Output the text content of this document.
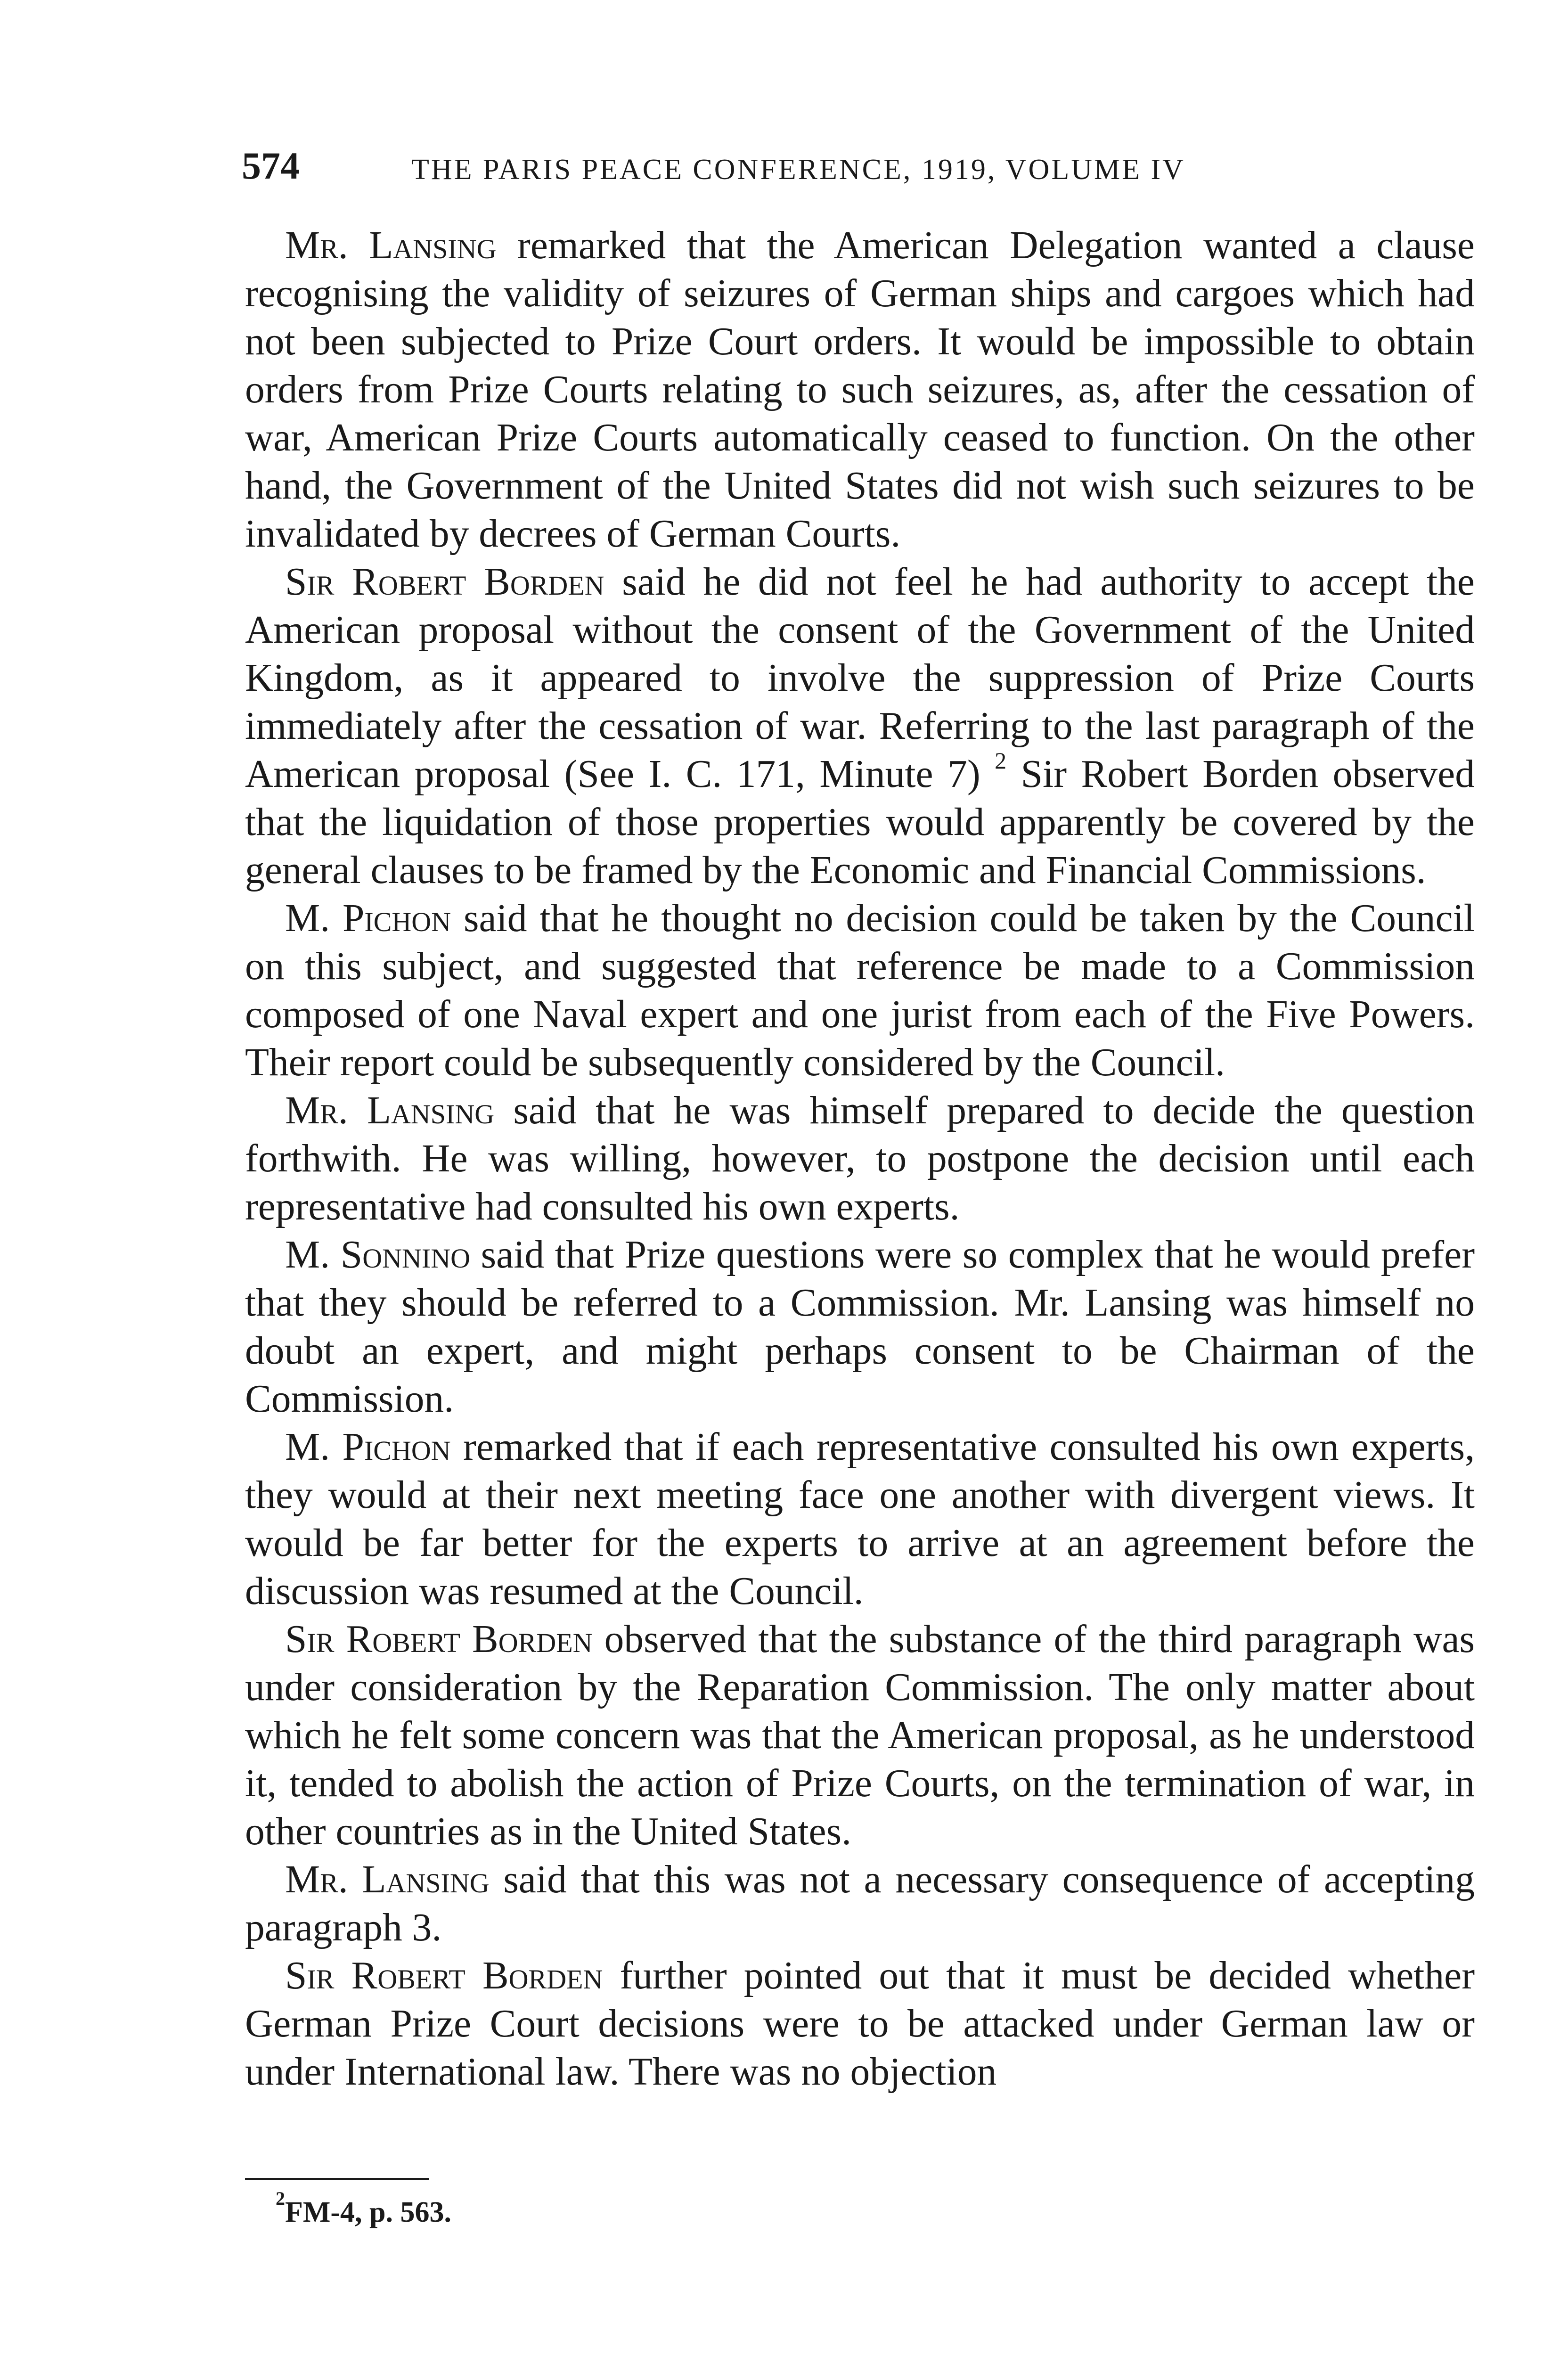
574	THE PARIS PEACE CONFERENCE, 1919, VOLUME IV

Mr. Lansing remarked that the American Delegation wanted a clause recognising the validity of seizures of German ships and cargoes which had not been subjected to Prize Court orders. It would be impossible to obtain orders from Prize Courts relating to such seizures, as, after the cessation of war, American Prize Courts automatically ceased to function. On the other hand, the Government of the United States did not wish such seizures to be invalidated by decrees of German Courts.

Sir Robert Borden said he did not feel he had authority to accept the American proposal without the consent of the Government of the United Kingdom, as it appeared to involve the suppression of Prize Courts immediately after the cessation of war. Referring to the last paragraph of the American proposal (See I. C. 171, Minute 7) $^2$ Sir Robert Borden observed that the liquidation of those properties would apparently be covered by the general clauses to be framed by the Economic and Financial Commissions.

M. Pichon said that he thought no decision could be taken by the Council on this subject, and suggested that reference be made to a Commission composed of one Naval expert and one jurist from each of the Five Powers. Their report could be subsequently considered by the Council.

Mr. Lansing said that he was himself prepared to decide the question forthwith. He was willing, however, to postpone the decision until each representative had consulted his own experts.

M. Sonnino said that Prize questions were so complex that he would prefer that they should be referred to a Commission. Mr. Lansing was himself no doubt an expert, and might perhaps consent to be Chairman of the Commission.

M. Pichon remarked that if each representative consulted his own experts, they would at their next meeting face one another with divergent views. It would be far better for the experts to arrive at an agreement before the discussion was resumed at the Council.

Sir Robert Borden observed that the substance of the third paragraph was under consideration by the Reparation Commission. The only matter about which he felt some concern was that the American proposal, as he understood it, tended to abolish the action of Prize Courts, on the termination of war, in other countries as in the United States.

Mr. Lansing said that this was not a necessary consequence of accepting paragraph 3.

Sir Robert Borden further pointed out that it must be decided whether German Prize Court decisions were to be attacked under German law or under International law. There was no objection

$^2$FM-4, p. 563.
